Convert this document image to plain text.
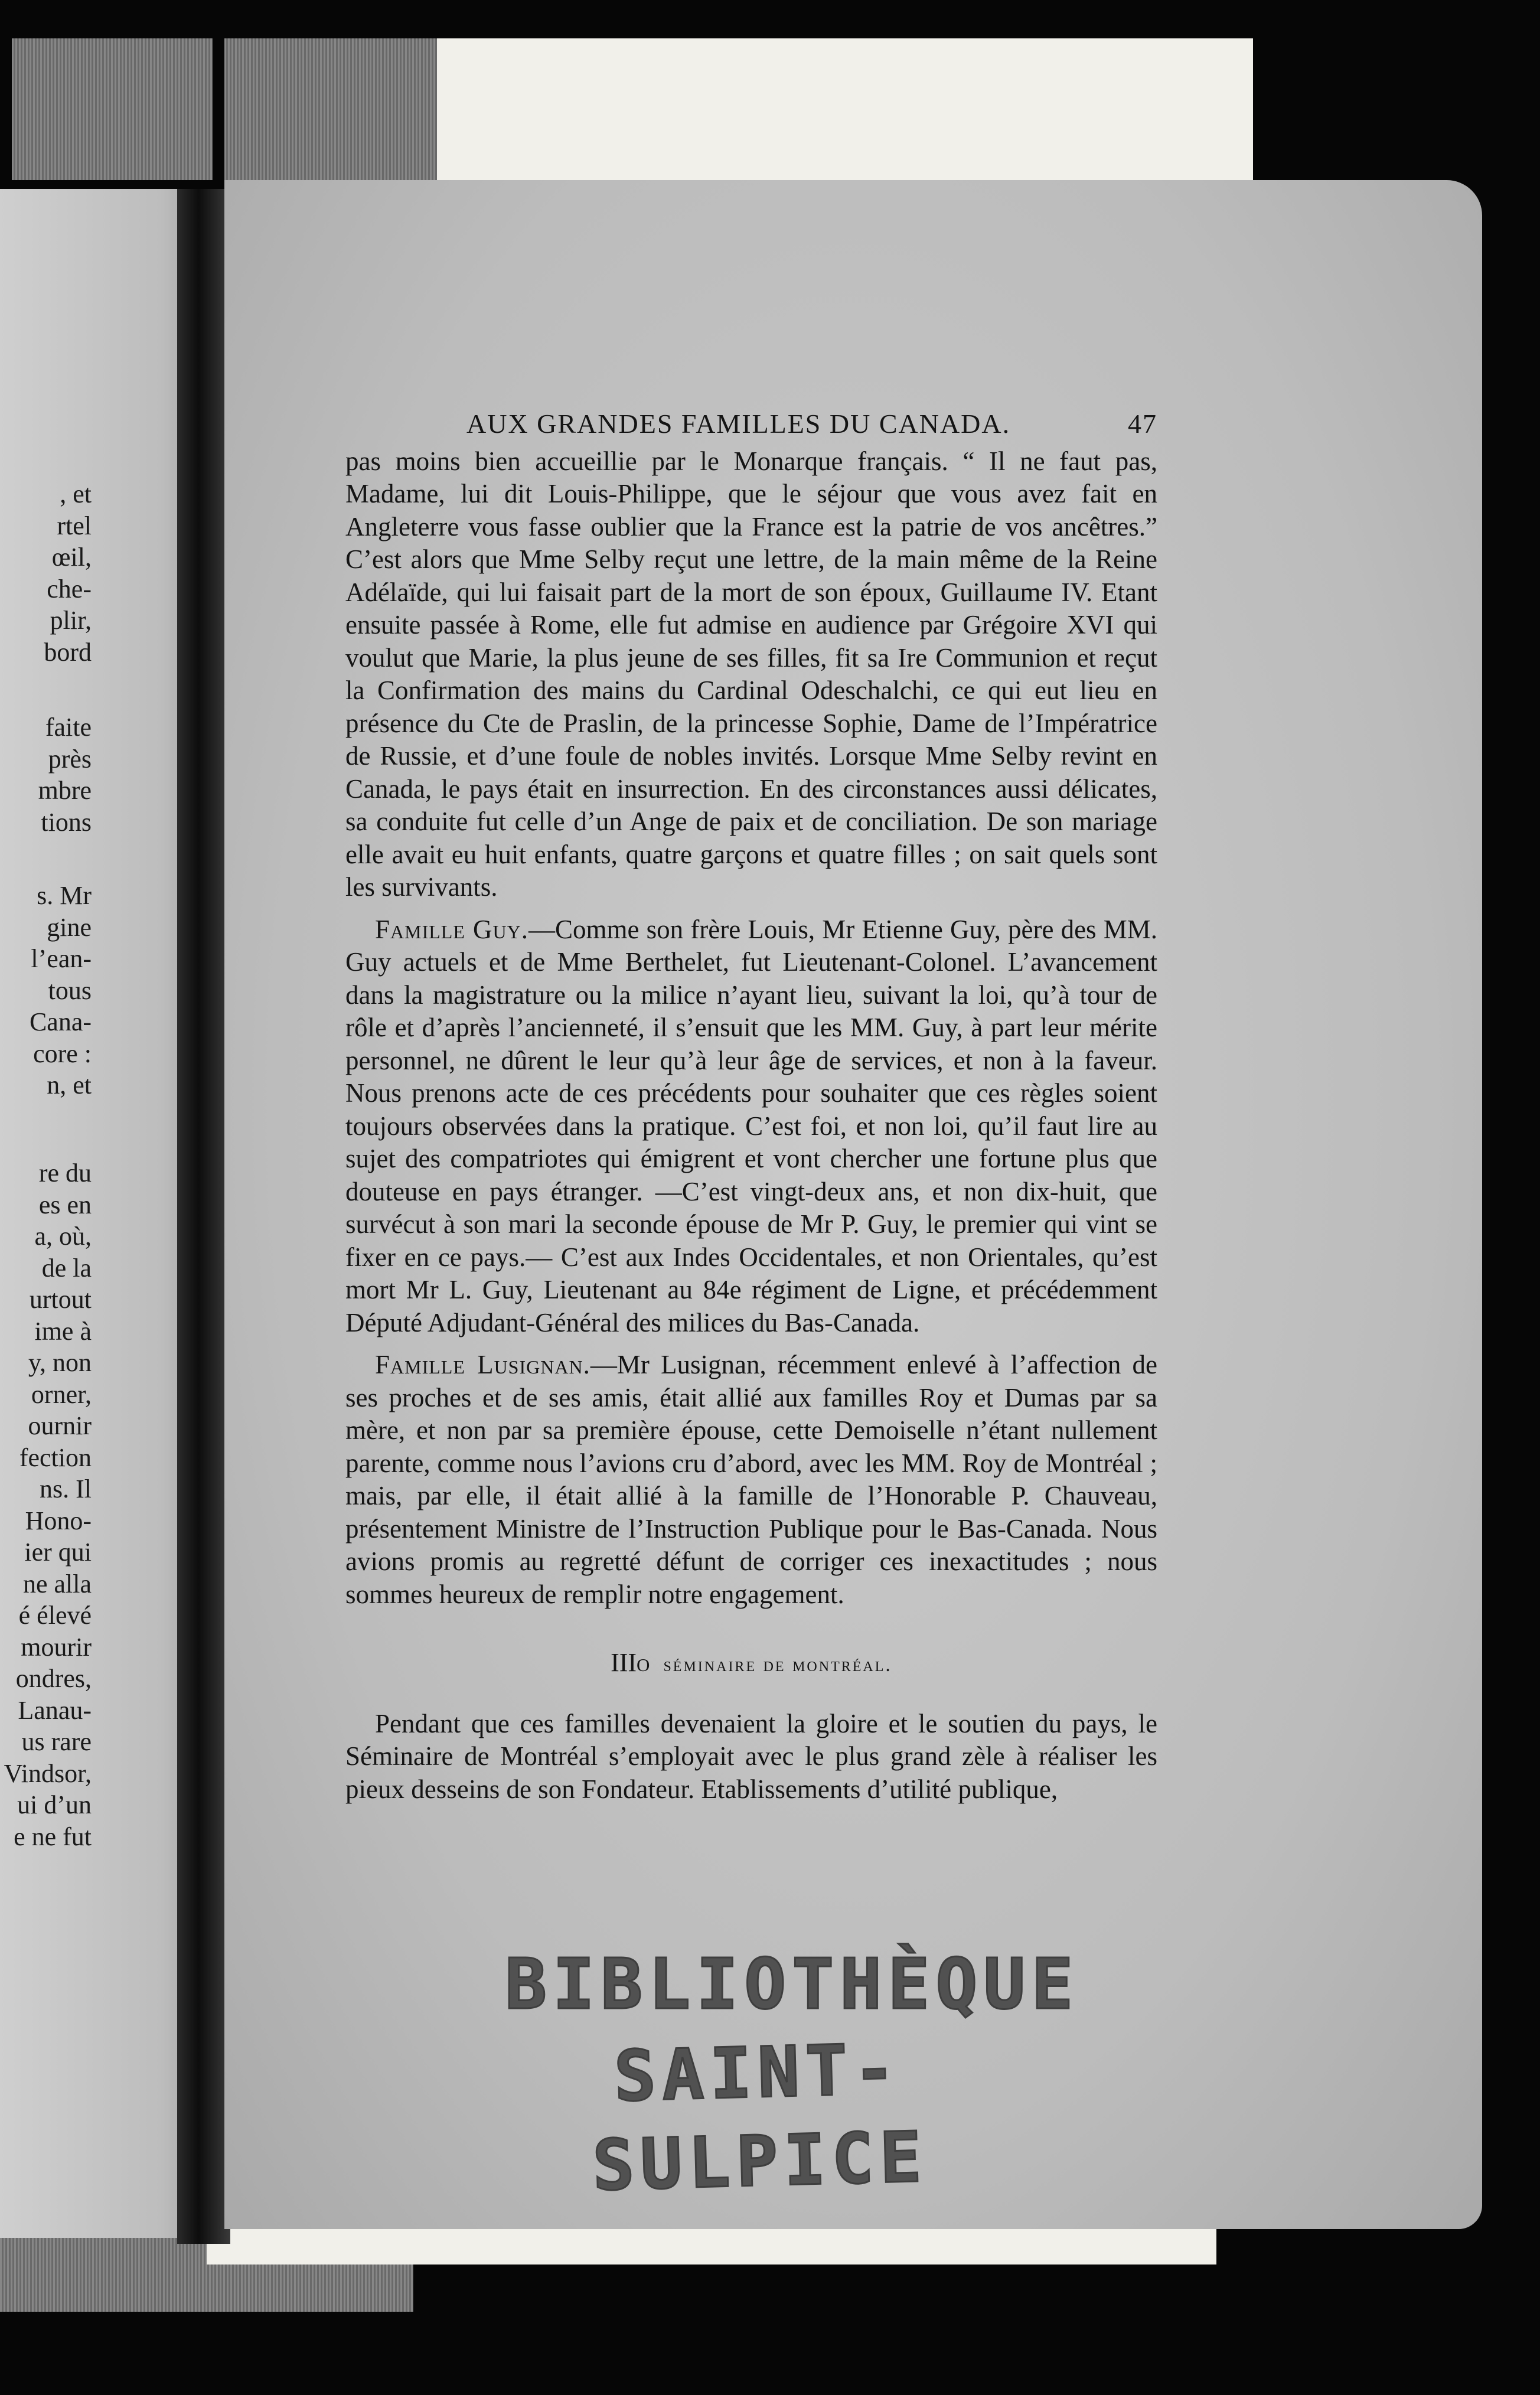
, et
rtel
œil,
che-
plir,
bord
faite
près
mbre
tions
s. Mr
gine
l’ean-
tous
Cana-
core :
n, et
re du
es en
a, où,
de la
urtout
ime à
y, non
orner,
ournir
fection
ns. Il
Hono-
ier qui
ne alla
é élevé
mourir
ondres,
Lanau-
us rare
Vindsor,
ui d’un
e ne fut
AUX GRANDES FAMILLES DU CANADA.	47

pas moins bien accueillie par le Monarque français. “ Il ne faut pas, Madame, lui dit Louis-Philippe, que le séjour que vous avez fait en Angleterre vous fasse oublier que la France est la patrie de vos ancêtres.” C’est alors que Mme Selby reçut une lettre, de la main même de la Reine Adélaïde, qui lui faisait part de la mort de son époux, Guillaume IV. Etant ensuite passée à Rome, elle fut admise en audience par Grégoire XVI qui voulut que Marie, la plus jeune de ses filles, fit sa Ire Communion et reçut la Confirmation des mains du Cardinal Odeschalchi, ce qui eut lieu en présence du Cte de Praslin, de la princesse Sophie, Dame de l’Impératrice de Russie, et d’une foule de nobles invités. Lorsque Mme Selby revint en Canada, le pays était en insurrection. En des circonstances aussi délicates, sa conduite fut celle d’un Ange de paix et de conciliation. De son mariage elle avait eu huit enfants, quatre garçons et quatre filles ; on sait quels sont les survivants.

Famille Guy.—Comme son frère Louis, Mr Etienne Guy, père des MM. Guy actuels et de Mme Berthelet, fut Lieutenant-Colonel. L’avancement dans la magistrature ou la milice n’ayant lieu, suivant la loi, qu’à tour de rôle et d’après l’ancienneté, il s’ensuit que les MM. Guy, à part leur mérite personnel, ne dûrent le leur qu’à leur âge de services, et non à la faveur. Nous prenons acte de ces précédents pour souhaiter que ces règles soient toujours observées dans la pratique. C’est foi, et non loi, qu’il faut lire au sujet des compatriotes qui émigrent et vont chercher une fortune plus que douteuse en pays étranger. —C’est vingt-deux ans, et non dix-huit, que survécut à son mari la seconde épouse de Mr P. Guy, le premier qui vint se fixer en ce pays.— C’est aux Indes Occidentales, et non Orientales, qu’est mort Mr L. Guy, Lieutenant au 84e régiment de Ligne, et précédemment Député Adjudant-Général des milices du Bas-Canada.

Famille Lusignan.—Mr Lusignan, récemment enlevé à l’affection de ses proches et de ses amis, était allié aux familles Roy et Dumas par sa mère, et non par sa première épouse, cette Demoiselle n’étant nullement parente, comme nous l’avions cru d’abord, avec les MM. Roy de Montréal ; mais, par elle, il était allié à la famille de l’Honorable P. Chauveau, présentement Ministre de l’Instruction Publique pour le Bas-Canada. Nous avions promis au regretté défunt de corriger ces inexactitudes ; nous sommes heureux de remplir notre engagement.

IIIo séminaire de montréal.

Pendant que ces familles devenaient la gloire et le soutien du pays, le Séminaire de Montréal s’employait avec le plus grand zèle à réaliser les pieux desseins de son Fondateur. Etablissements d’utilité publique,

BIBLIOTHÈQUE
SAINT-SULPICE
